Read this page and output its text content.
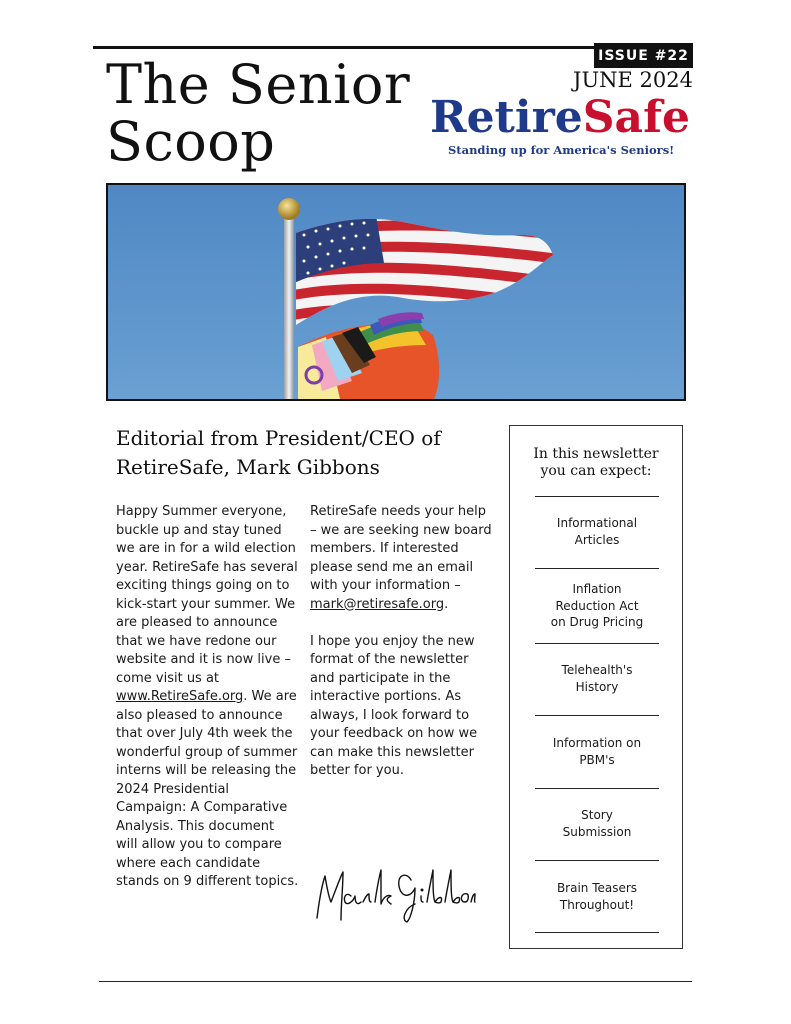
ISSUE #22
JUNE 2024
The Senior
Scoop	RetireSafe
Standing up for America's Seniors!
Editorial from President/CEO of
RetireSafe, Mark Gibbons

Happy Summer everyone, buckle up and stay tuned we are in for a wild election year. RetireSafe has several exciting things going on to kick-start your summer. We are pleased to announce that we have redone our website and it is now live – come visit us at www.RetireSafe.org. We are also pleased to announce that over July 4th week the wonderful group of summer interns will be releasing the 2024 Presidential Campaign: A Comparative Analysis. This document will allow you to compare where each candidate stands on 9 different topics.

RetireSafe needs your help – we are seeking new board members. If interested please send me an email with your information – mark@retiresafe.org.

I hope you enjoy the new format of the newsletter and participate in the interactive portions. As always, I look forward to your feedback on how we can make this newsletter better for you.

In this newsletter
you can expect:
Informational
Articles
Inflation
Reduction Act
on Drug Pricing
Telehealth's
History
Information on
PBM's
Story
Submission
Brain Teasers
Throughout!
